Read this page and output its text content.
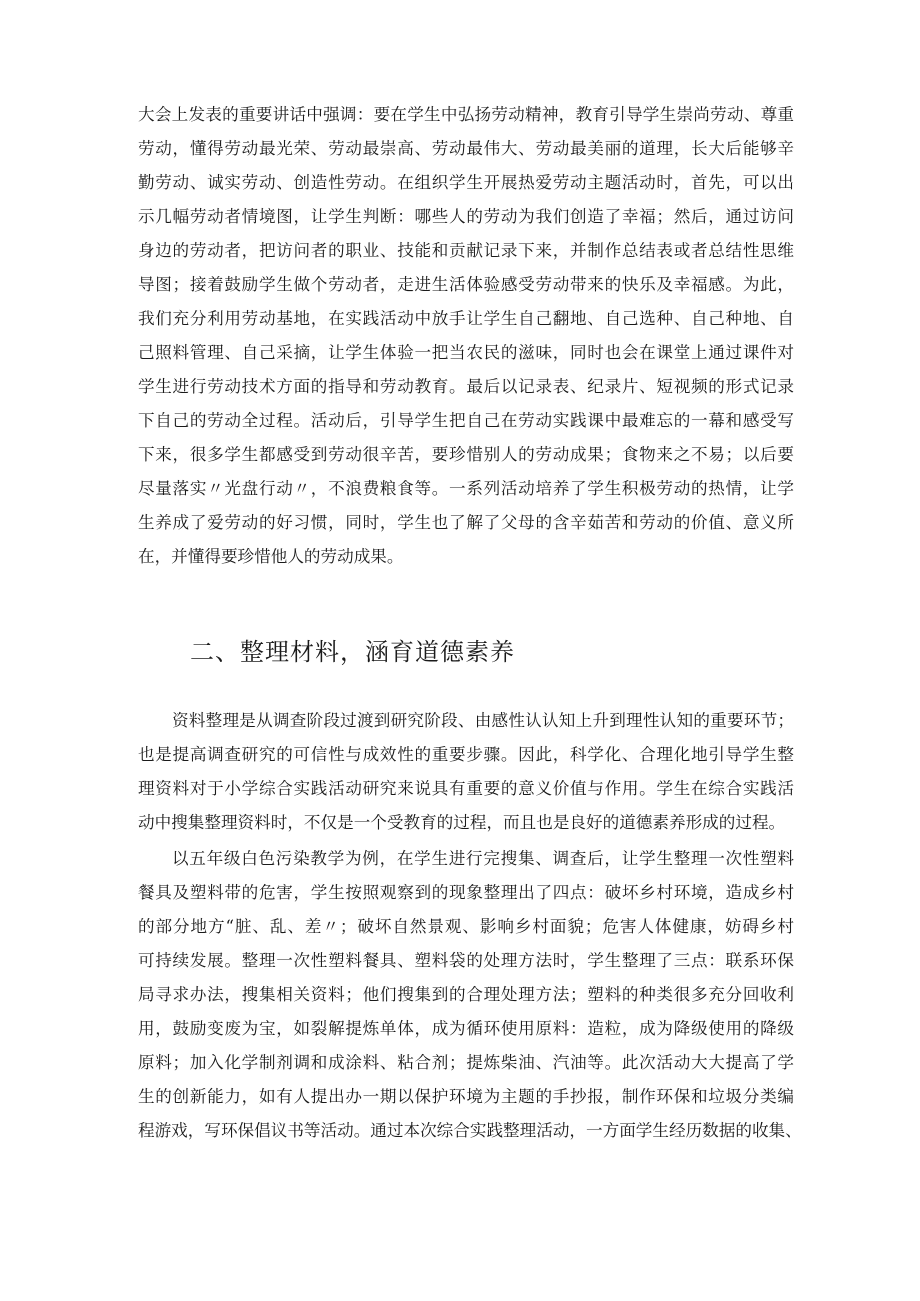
大会上发表的重要讲话中强调：要在学生中弘扬劳动精神，教育引导学生崇尚劳动、尊重
劳动，懂得劳动最光荣、劳动最崇高、劳动最伟大、劳动最美丽的道理，长大后能够辛
勤劳动、诚实劳动、创造性劳动。在组织学生开展热爱劳动主题活动时，首先，可以出
示几幅劳动者情境图，让学生判断：哪些人的劳动为我们创造了幸福；然后，通过访问
身边的劳动者，把访问者的职业、技能和贡献记录下来，并制作总结表或者总结性思维
导图；接着鼓励学生做个劳动者，走进生活体验感受劳动带来的快乐及幸福感。为此，
我们充分利用劳动基地，在实践活动中放手让学生自己翻地、自己选种、自己种地、自
己照料管理、自己采摘，让学生体验一把当农民的滋味，同时也会在课堂上通过课件对
学生进行劳动技术方面的指导和劳动教育。最后以记录表、纪录片、短视频的形式记录
下自己的劳动全过程。活动后，引导学生把自己在劳动实践课中最难忘的一幕和感受写
下来，很多学生都感受到劳动很辛苦，要珍惜别人的劳动成果；食物来之不易；以后要
尽量落实〃光盘行动〃，不浪费粮食等。一系列活动培养了学生积极劳动的热情，让学
生养成了爱劳动的好习惯，同时，学生也了解了父母的含辛茹苦和劳动的价值、意义所
在，并懂得要珍惜他人的劳动成果。

二、整理材料，涵育道德素养

资料整理是从调查阶段过渡到研究阶段、由感性认认知上升到理性认知的重要环节；
也是提高调查研究的可信性与成效性的重要步骤。因此，科学化、合理化地引导学生整
理资料对于小学综合实践活动研究来说具有重要的意义价值与作用。学生在综合实践活
动中搜集整理资料时，不仅是一个受教育的过程，而且也是良好的道德素养形成的过程。

以五年级白色污染教学为例，在学生进行完搜集、调查后，让学生整理一次性塑料
餐具及塑料带的危害，学生按照观察到的现象整理出了四点：破坏乡村环境，造成乡村
的部分地方“脏、乱、差〃；破坏自然景观、影响乡村面貌；危害人体健康，妨碍乡村
可持续发展。整理一次性塑料餐具、塑料袋的处理方法时，学生整理了三点：联系环保
局寻求办法，搜集相关资料；他们搜集到的合理处理方法；塑料的种类很多充分回收利
用，鼓励变废为宝，如裂解提炼单体，成为循环使用原料：造粒，成为降级使用的降级
原料；加入化学制剂调和成涂料、粘合剂；提炼柴油、汽油等。此次活动大大提高了学
生的创新能力，如有人提出办一期以保护环境为主题的手抄报，制作环保和垃圾分类编
程游戏，写环保倡议书等活动。通过本次综合实践整理活动，一方面学生经历数据的收集、
